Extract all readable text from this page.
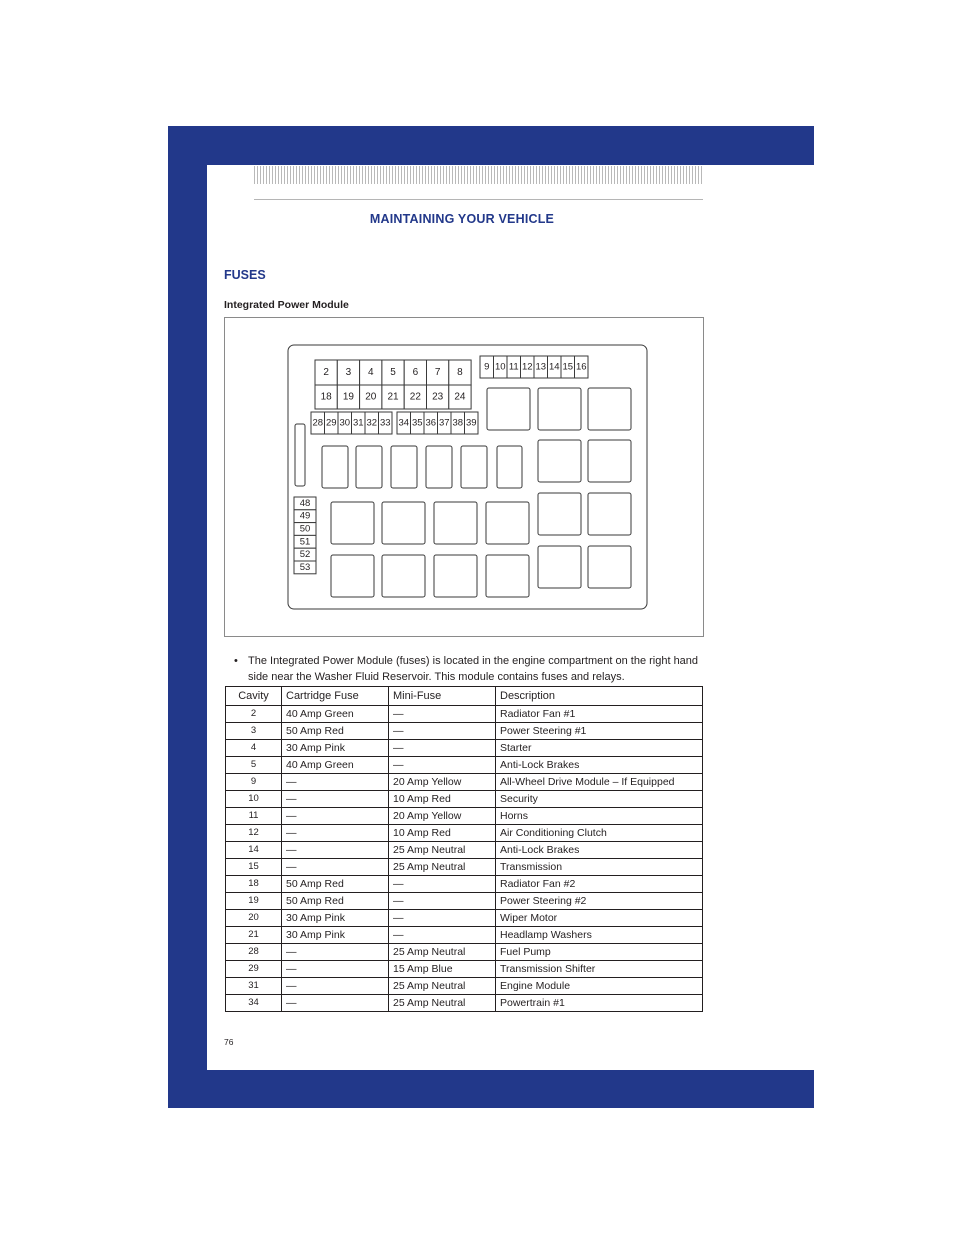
MAINTAINING YOUR VEHICLE
FUSES
Integrated Power Module
2 3 4 5 6 7 8
18 19 20 21 22 23 24
9 10 11 12 13 14 15 16
28 29 30 31 32 33 34 35 36 37 38 39
48
49
50
51
52
53
• The Integrated Power Module (fuses) is located in the engine compartment on the right hand side near the Washer Fluid Reservoir. This module contains fuses and relays.
Cavity	Cartridge Fuse	Mini-Fuse	Description
2	40 Amp Green	—	Radiator Fan #1
3	50 Amp Red	—	Power Steering #1
4	30 Amp Pink	—	Starter
5	40 Amp Green	—	Anti-Lock Brakes
9	—	20 Amp Yellow	All-Wheel Drive Module – If Equipped
10	—	10 Amp Red	Security
11	—	20 Amp Yellow	Horns
12	—	10 Amp Red	Air Conditioning Clutch
14	—	25 Amp Neutral	Anti-Lock Brakes
15	—	25 Amp Neutral	Transmission
18	50 Amp Red	—	Radiator Fan #2
19	50 Amp Red	—	Power Steering #2
20	30 Amp Pink	—	Wiper Motor
21	30 Amp Pink	—	Headlamp Washers
28	—	25 Amp Neutral	Fuel Pump
29	—	15 Amp Blue	Transmission Shifter
31	—	25 Amp Neutral	Engine Module
34	—	25 Amp Neutral	Powertrain #1
76
